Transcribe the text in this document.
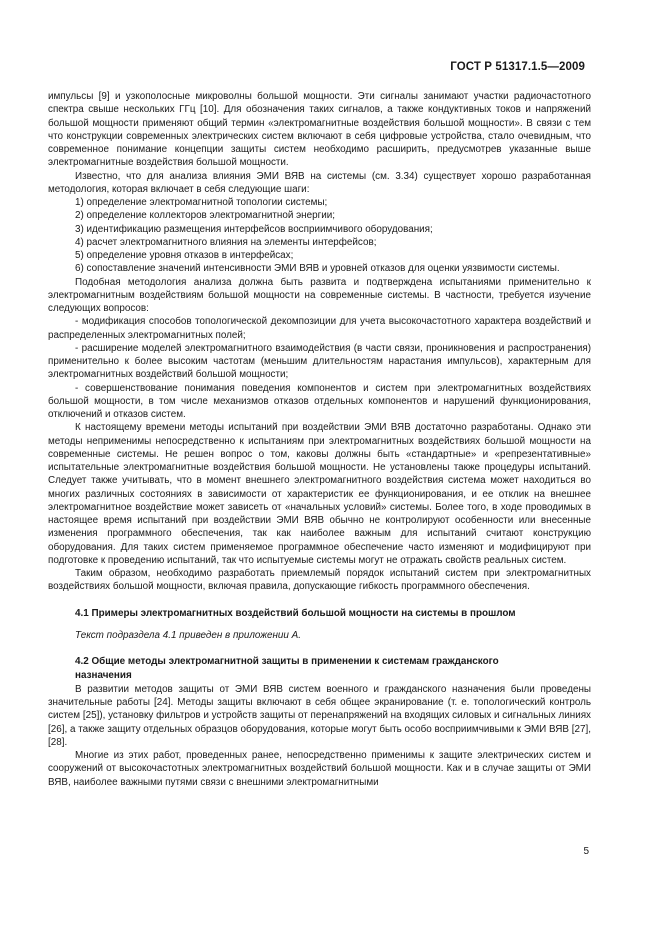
ГОСТ Р 51317.1.5—2009

импульсы [9] и узкополосные микроволны большой мощности. Эти сигналы занимают участки радиочастотного спектра свыше нескольких ГГц [10]. Для обозначения таких сигналов, а также кондуктивных токов и напряжений большой мощности применяют общий термин «электромагнитные воздействия большой мощности». В связи с тем что конструкции современных электрических систем включают в себя цифровые устройства, стало очевидным, что современное понимание концепции защиты систем необходимо расширить, предусмотрев указанные выше электромагнитные воздействия большой мощности.

Известно, что для анализа влияния ЭМИ ВЯВ на системы (см. 3.34) существует хорошо разработанная методология, которая включает в себя следующие шаги:

1) определение электромагнитной топологии системы;

2) определение коллекторов электромагнитной энергии;

3) идентификацию размещения интерфейсов восприимчивого оборудования;

4) расчет электромагнитного влияния на элементы интерфейсов;

5) определение уровня отказов в интерфейсах;

6) сопоставление значений интенсивности ЭМИ ВЯВ и уровней отказов для оценки уязвимости системы.

Подобная методология анализа должна быть развита и подтверждена испытаниями применительно к электромагнитным воздействиям большой мощности на современные системы. В частности, требуется изучение следующих вопросов:

- модификация способов топологической декомпозиции для учета высокочастотного характера воздействий и распределенных электромагнитных полей;

- расширение моделей электромагнитного взаимодействия (в части связи, проникновения и распространения) применительно к более высоким частотам (меньшим длительностям нарастания импульсов), характерным для электромагнитных воздействий большой мощности;

- совершенствование понимания поведения компонентов и систем при электромагнитных воздействиях большой мощности, в том числе механизмов отказов отдельных компонентов и нарушений функционирования, отключений и отказов систем.

К настоящему времени методы испытаний при воздействии ЭМИ ВЯВ достаточно разработаны. Однако эти методы неприменимы непосредственно к испытаниям при электромагнитных воздействиях большой мощности на современные системы. Не решен вопрос о том, каковы должны быть «стандартные» и «репрезентативные» испытательные электромагнитные воздействия большой мощности. Не установлены также процедуры испытаний. Следует также учитывать, что в момент внешнего электромагнитного воздействия система может находиться во многих различных состояниях в зависимости от характеристик ее функционирования, и ее отклик на внешнее электромагнитное воздействие может зависеть от «начальных условий» системы. Более того, в ходе проводимых в настоящее время испытаний при воздействии ЭМИ ВЯВ обычно не контролируют особенности или внесенные изменения программного обеспечения, так как наиболее важным для испытаний считают конструкцию оборудования. Для таких систем применяемое программное обеспечение часто изменяют и модифицируют при подготовке к проведению испытаний, так что испытуемые системы могут не отражать свойств реальных систем.

Таким образом, необходимо разработать приемлемый порядок испытаний систем при электромагнитных воздействиях большой мощности, включая правила, допускающие гибкость программного обеспечения.

4.1 Примеры электромагнитных воздействий большой мощности на системы в прошлом

Текст подраздела 4.1 приведен в приложении А.

4.2 Общие методы электромагнитной защиты в применении к системам гражданского
назначения

В развитии методов защиты от ЭМИ ВЯВ систем военного и гражданского назначения были проведены значительные работы [24]. Методы защиты включают в себя общее экранирование (т. е. топологический контроль систем [25]), установку фильтров и устройств защиты от перенапряжений на входящих силовых и сигнальных линиях [26], а также защиту отдельных образцов оборудования, которые могут быть особо восприимчивыми к ЭМИ ВЯВ [27], [28].

Многие из этих работ, проведенных ранее, непосредственно применимы к защите электрических систем и сооружений от высокочастотных электромагнитных воздействий большой мощности. Как и в случае защиты от ЭМИ ВЯВ, наиболее важными путями связи с внешними электромагнитными

5
